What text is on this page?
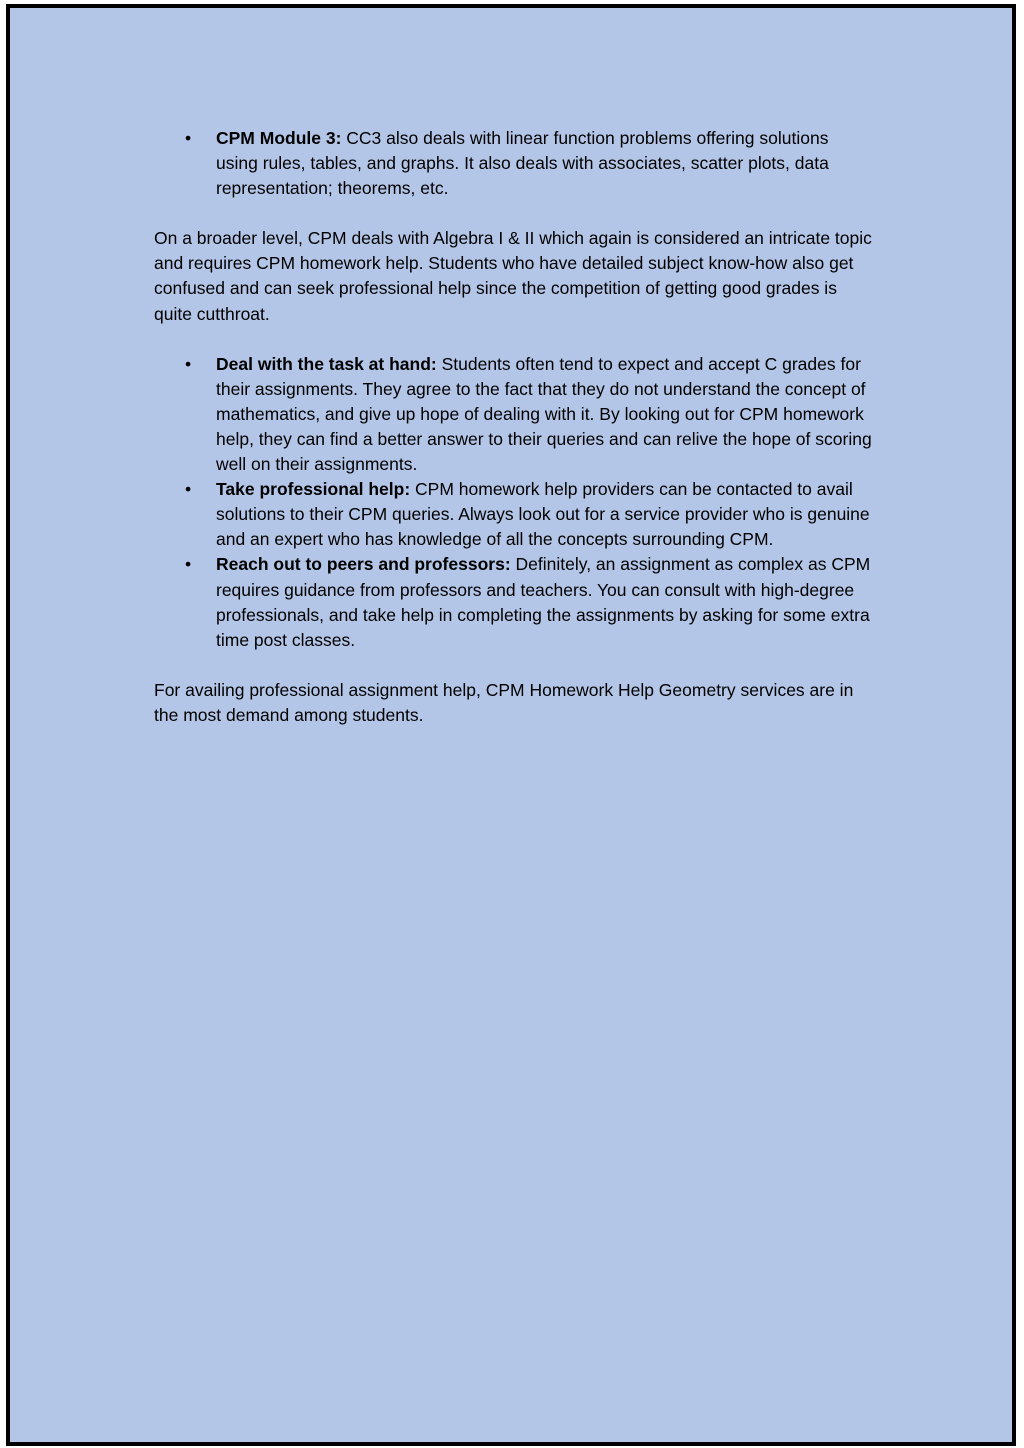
• CPM Module 3: CC3 also deals with linear function problems offering solutions using rules, tables, and graphs. It also deals with associates, scatter plots, data representation; theorems, etc.

On a broader level, CPM deals with Algebra I & II which again is considered an intricate topic and requires CPM homework help. Students who have detailed subject know-how also get confused and can seek professional help since the competition of getting good grades is quite cutthroat.

• Deal with the task at hand: Students often tend to expect and accept C grades for their assignments. They agree to the fact that they do not understand the concept of mathematics, and give up hope of dealing with it. By looking out for CPM homework help, they can find a better answer to their queries and can relive the hope of scoring well on their assignments.
• Take professional help: CPM homework help providers can be contacted to avail solutions to their CPM queries. Always look out for a service provider who is genuine and an expert who has knowledge of all the concepts surrounding CPM.
• Reach out to peers and professors: Definitely, an assignment as complex as CPM requires guidance from professors and teachers. You can consult with high-degree professionals, and take help in completing the assignments by asking for some extra time post classes.

For availing professional assignment help, CPM Homework Help Geometry services are in the most demand among students.
